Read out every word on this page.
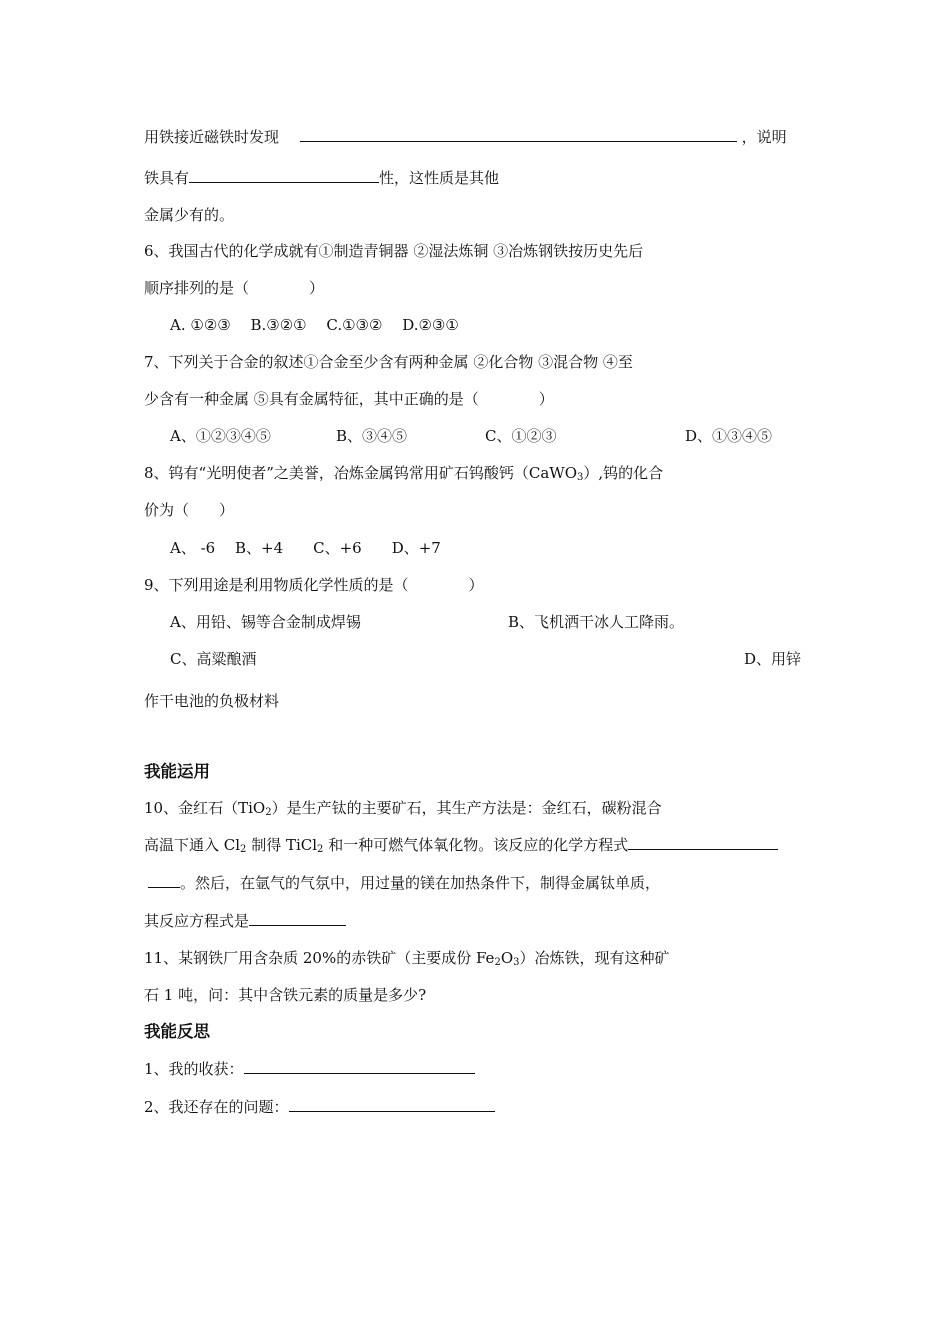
用铁接近磁铁时发现	，说明
铁具有	性，这性质是其他
金属少有的。
6、我国古代的化学成就有①制造青铜器 ②湿法炼铜 ③冶炼钢铁按历史先后
顺序排列的是（　　　　）
A. ①②③　 B.③②①　 C.①③②　 D.②③①
7、下列关于合金的叙述①合金至少含有两种金属 ②化合物 ③混合物 ④至
少含有一种金属 ⑤具有金属特征，其中正确的是（　　　　）
A、①②③④⑤	B、③④⑤	C、①②③	D、①③④⑤
8、钨有“光明使者”之美誉，冶炼金属钨常用矿石钨酸钙（CaWO$_3$）,钨的化合
价为（　　）
A、 -6　 B、+4　　C、+6　　D、+7
9、下列用途是利用物质化学性质的是（　　　　）
A、用铅、锡等合金制成焊锡	B、飞机洒干冰人工降雨。
C、高粱酿酒	D、用锌
作干电池的负极材料
我能运用
10、金红石（TiO$_2$）是生产钛的主要矿石，其生产方法是：金红石，碳粉混合
高温下通入 $Cl_2$ 制得 TiCl$_2$ 和一种可燃气体氧化物。该反应的化学方程式
。然后，在氩气的气氛中，用过量的镁在加热条件下，制得金属钛单质，
其反应方程式是
11、某钢铁厂用含杂质 20%的赤铁矿（主要成份 $Fe_2O_3$）冶炼铁，现有这种矿
石 1 吨，问：其中含铁元素的质量是多少?
我能反思
1、我的收获：
2、我还存在的问题：
